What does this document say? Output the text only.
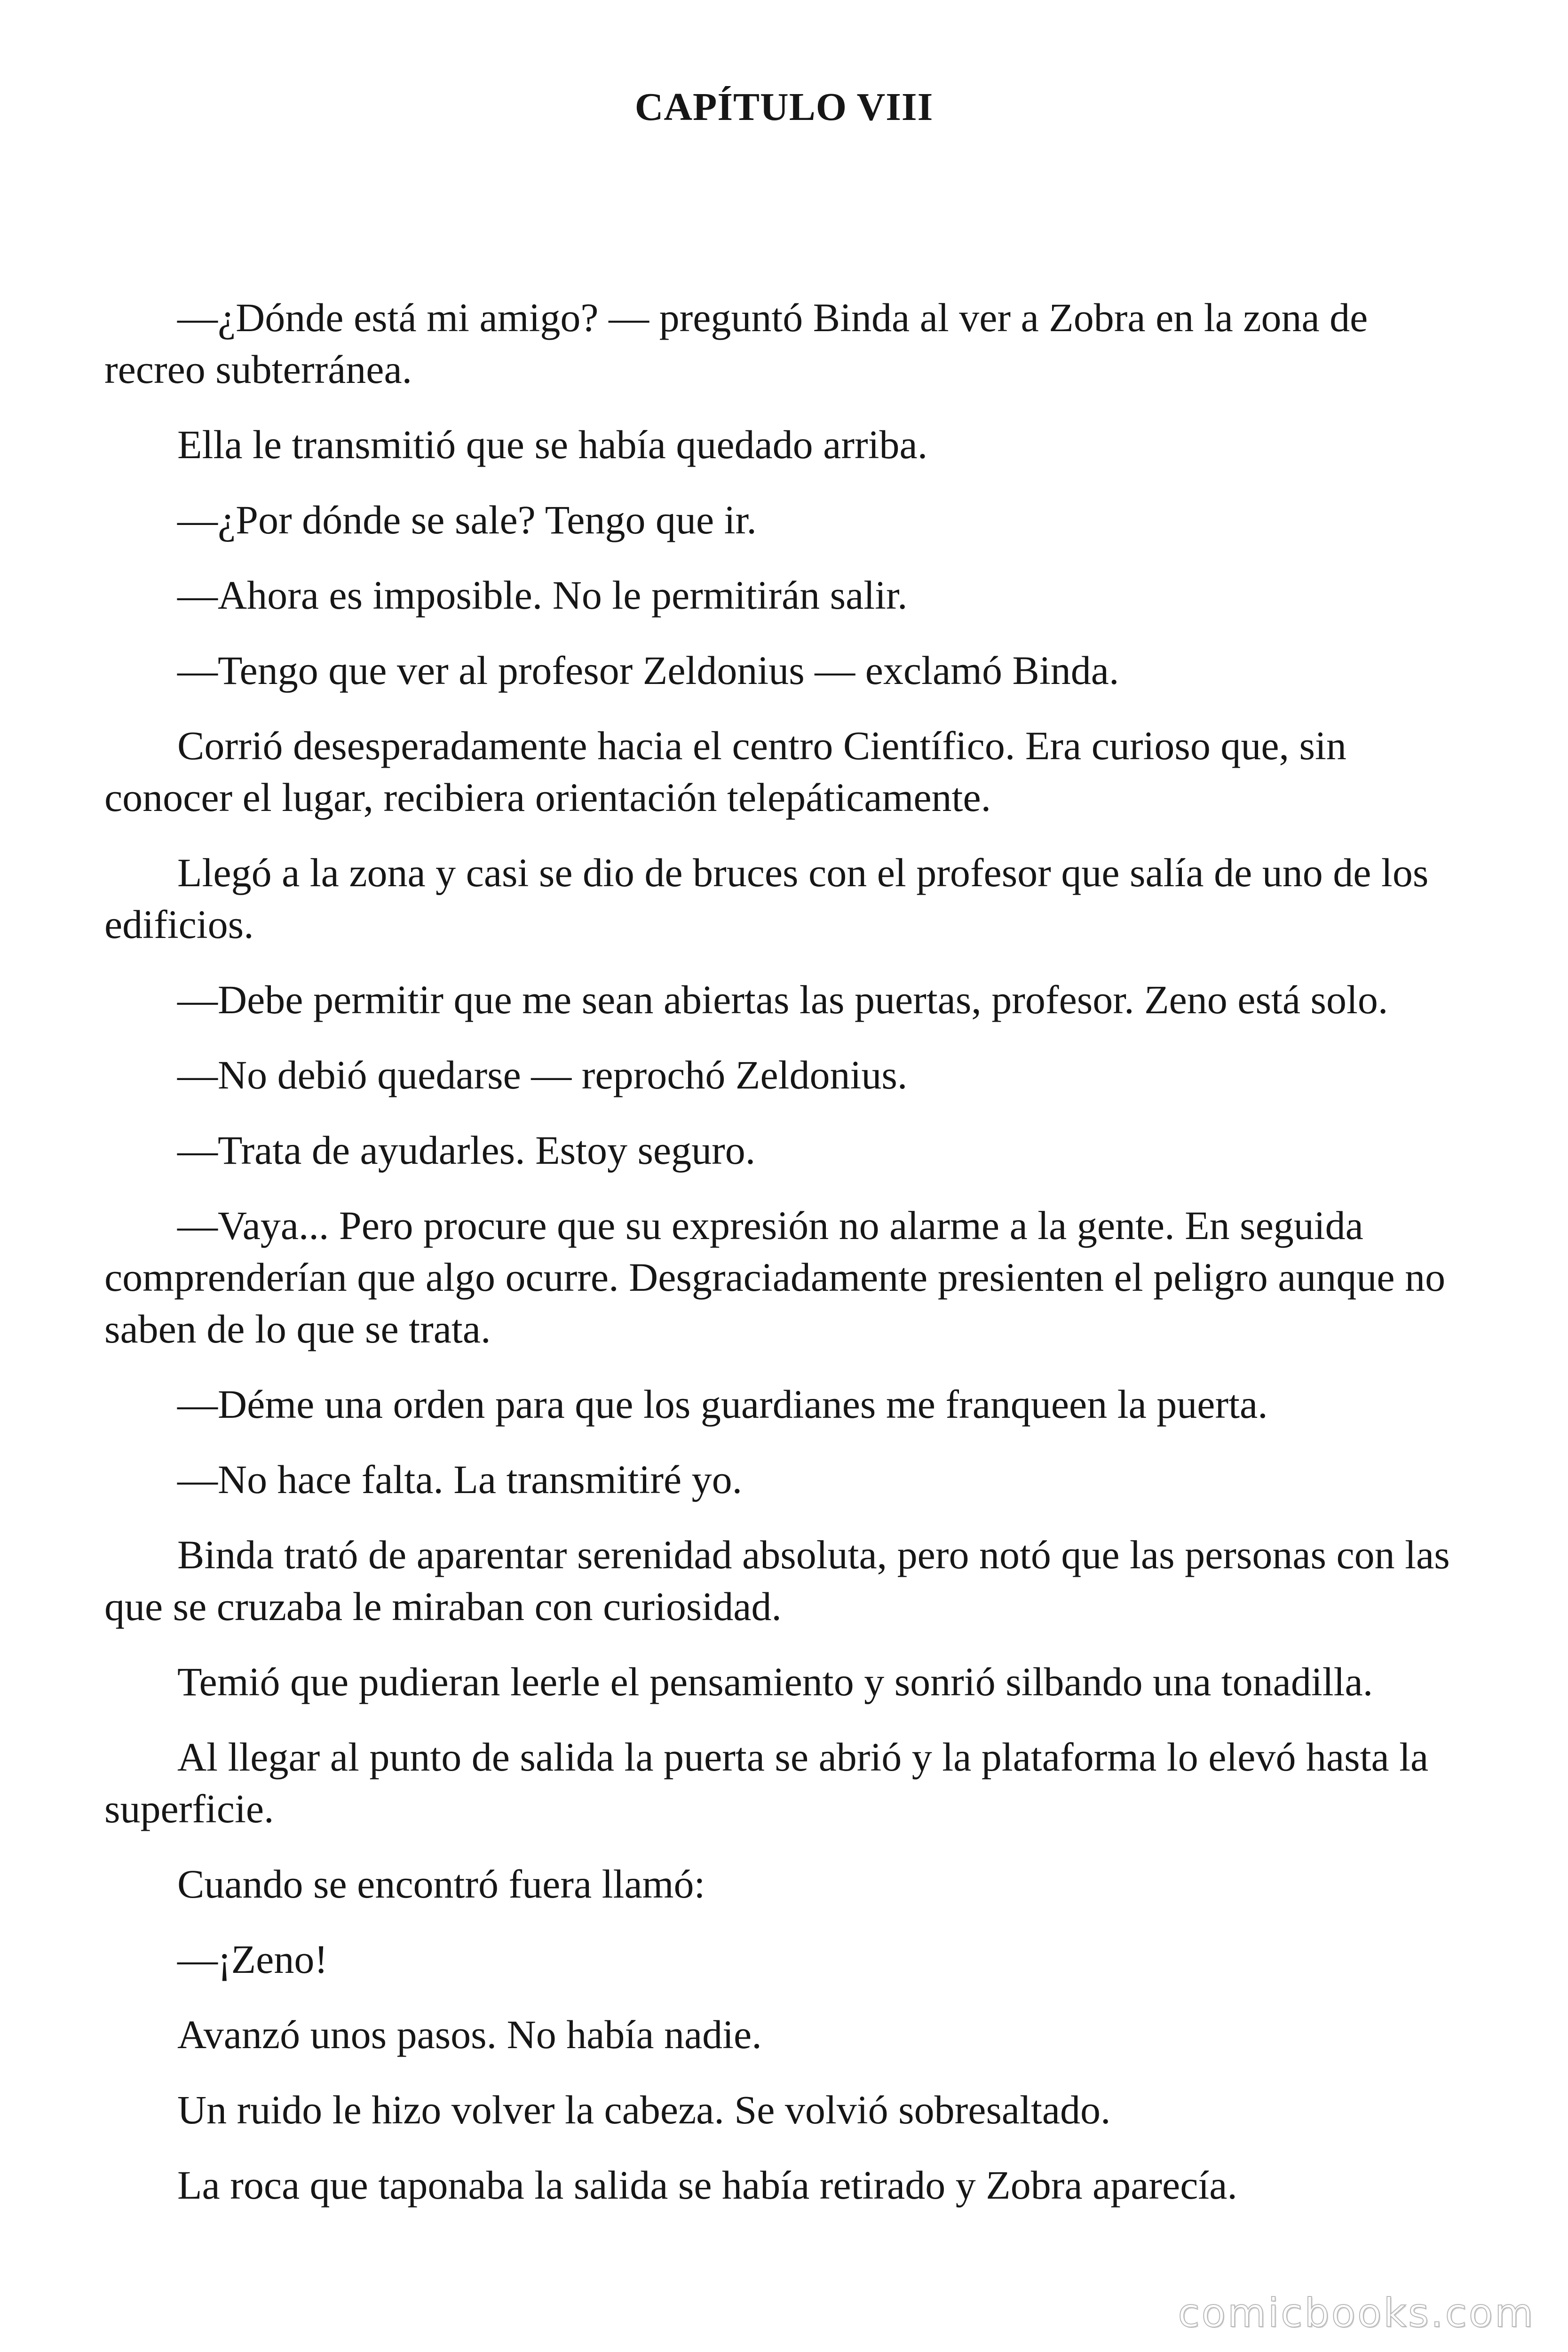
CAPÍTULO VIII

—¿Dónde está mi amigo? — preguntó Binda al ver a Zobra en la zona de recreo subterránea.

Ella le transmitió que se había quedado arriba.

—¿Por dónde se sale? Tengo que ir.

—Ahora es imposible. No le permitirán salir.

—Tengo que ver al profesor Zeldonius — exclamó Binda.

Corrió desesperadamente hacia el centro Científico. Era curioso que, sin conocer el lugar, recibiera orientación telepáticamente.

Llegó a la zona y casi se dio de bruces con el profesor que salía de uno de los edificios.

—Debe permitir que me sean abiertas las puertas, profesor. Zeno está solo.

—No debió quedarse — reprochó Zeldonius.

—Trata de ayudarles. Estoy seguro.

—Vaya... Pero procure que su expresión no alarme a la gente. En seguida comprenderían que algo ocurre. Desgraciadamente presienten el peligro aunque no saben de lo que se trata.

—Déme una orden para que los guardianes me franqueen la puerta.

—No hace falta. La transmitiré yo.

Binda trató de aparentar serenidad absoluta, pero notó que las personas con las que se cruzaba le miraban con curiosidad.

Temió que pudieran leerle el pensamiento y sonrió silbando una tonadilla.

Al llegar al punto de salida la puerta se abrió y la plataforma lo elevó hasta la superficie.

Cuando se encontró fuera llamó:

—¡Zeno!

Avanzó unos pasos. No había nadie.

Un ruido le hizo volver la cabeza. Se volvió sobresaltado.

La roca que taponaba la salida se había retirado y Zobra aparecía.

comicbooks.com
